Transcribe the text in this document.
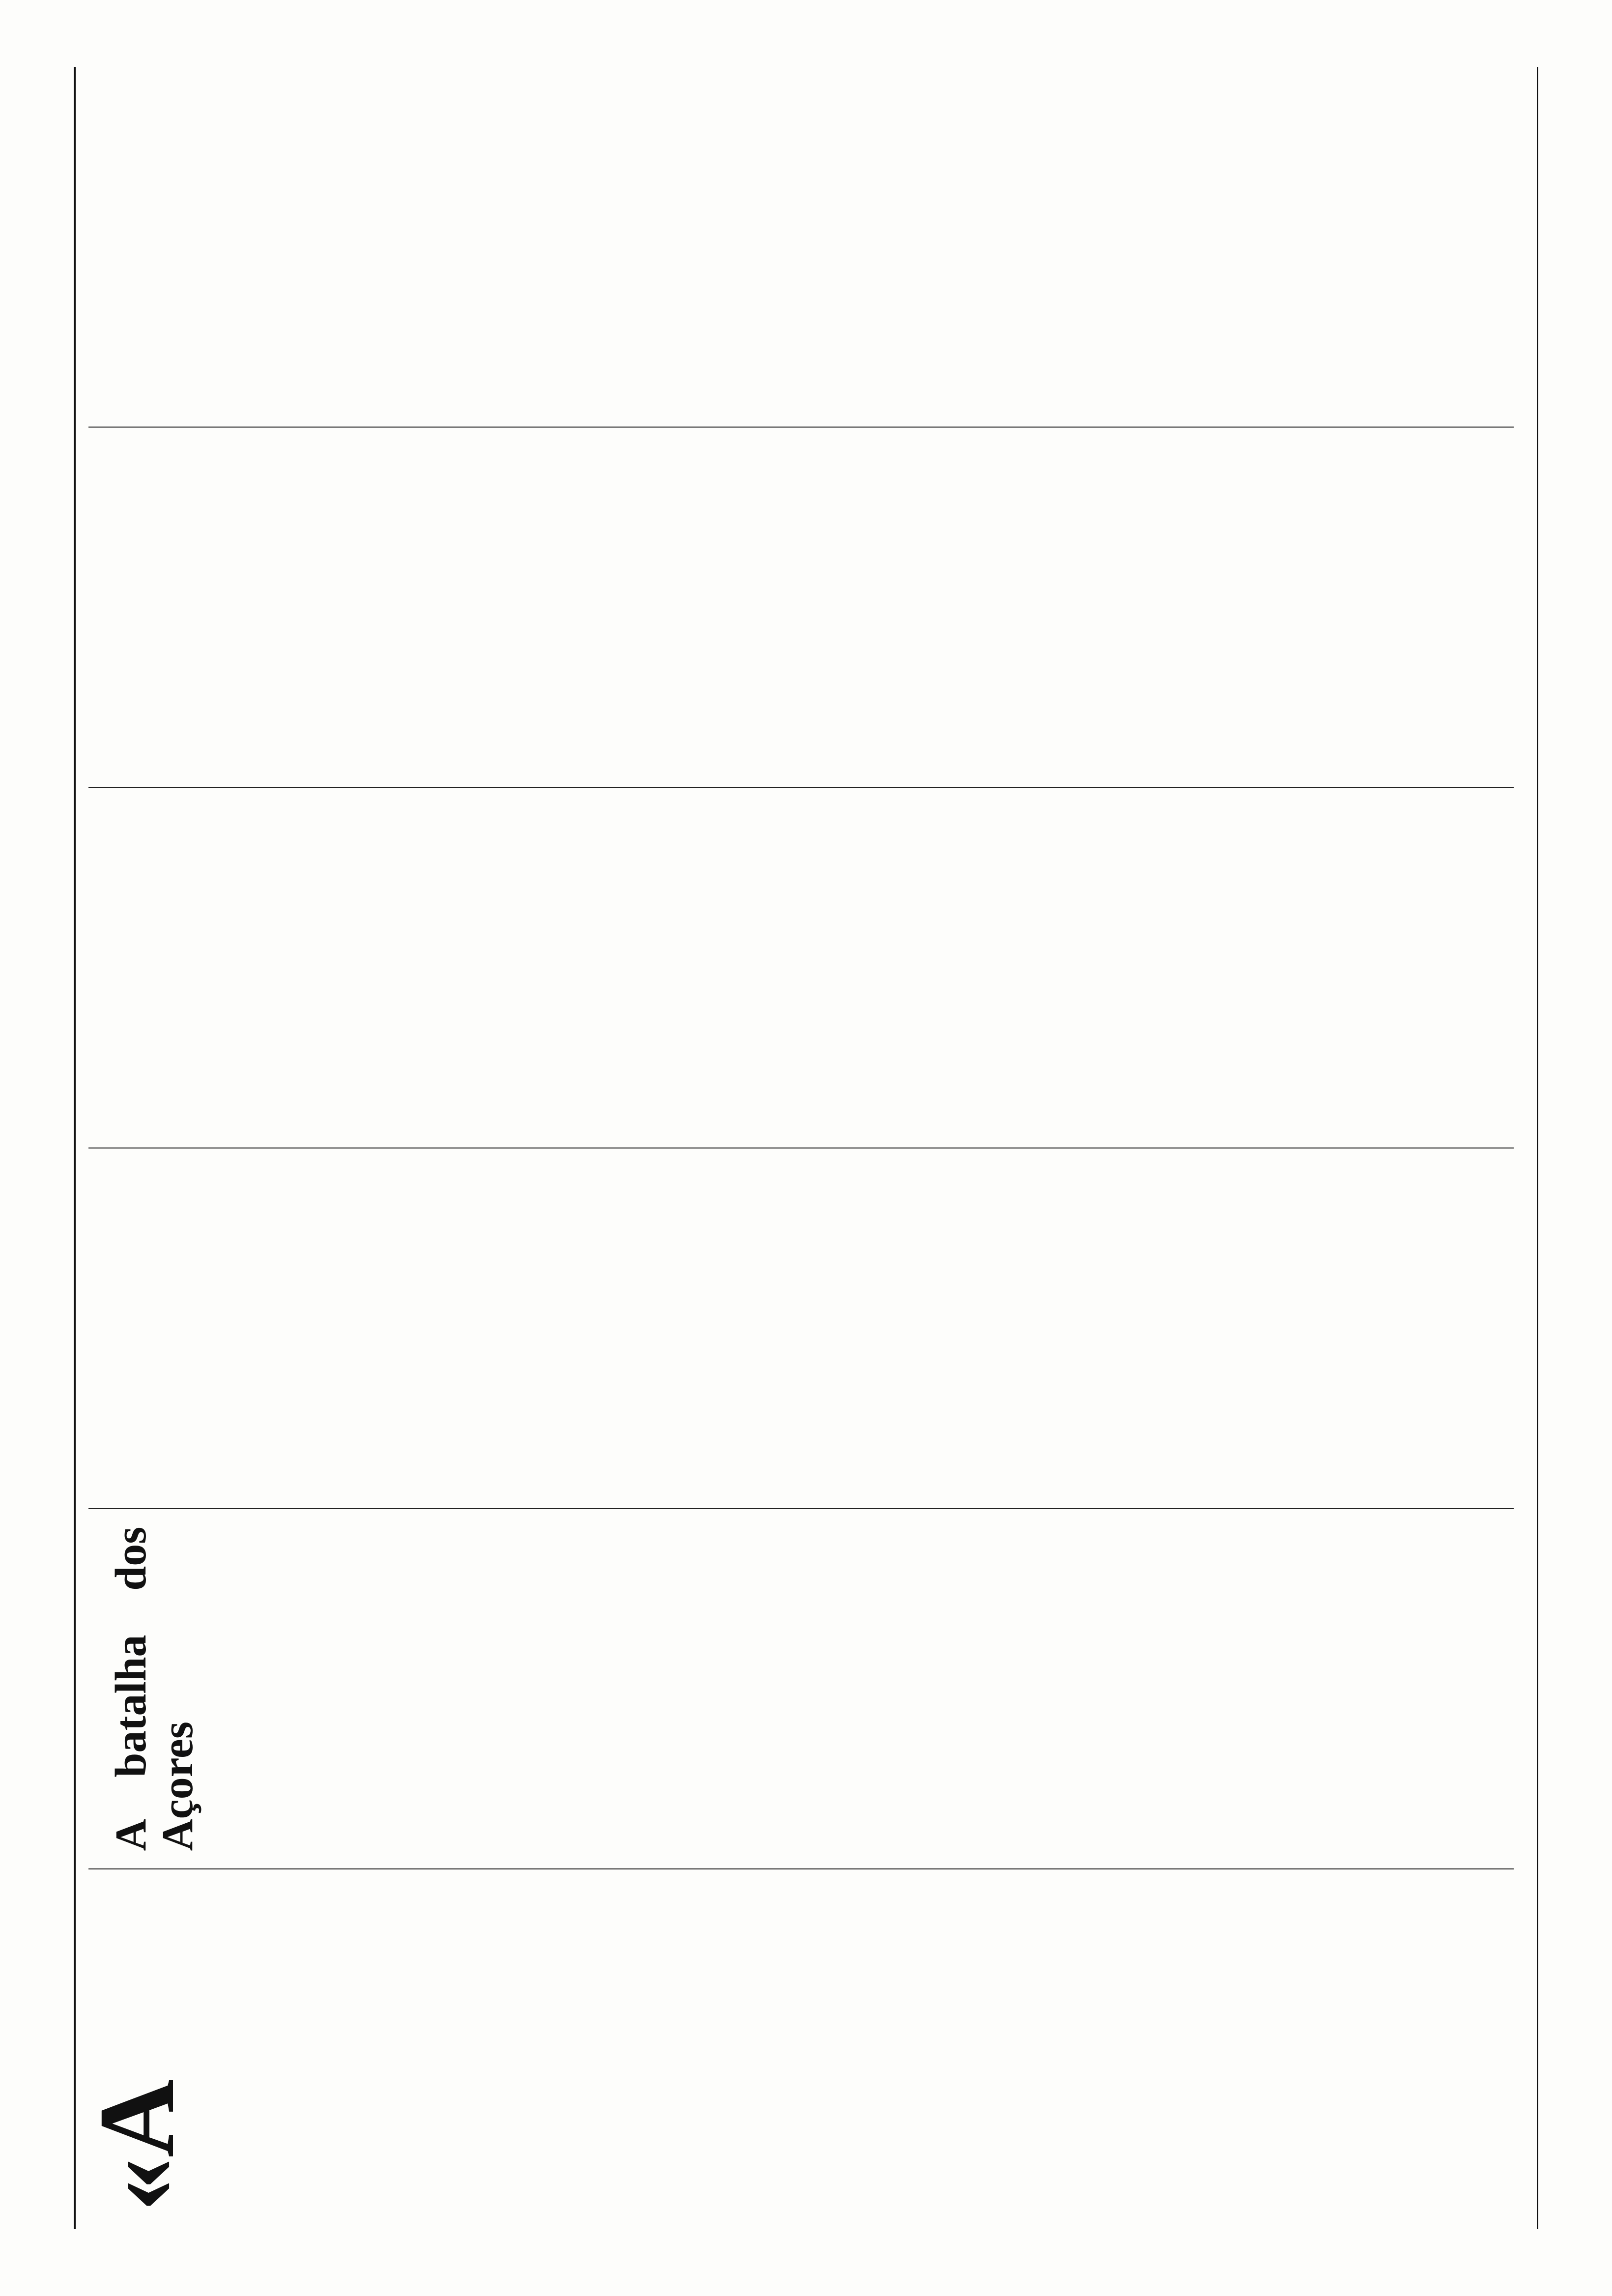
«A
A batalha dos Açores
